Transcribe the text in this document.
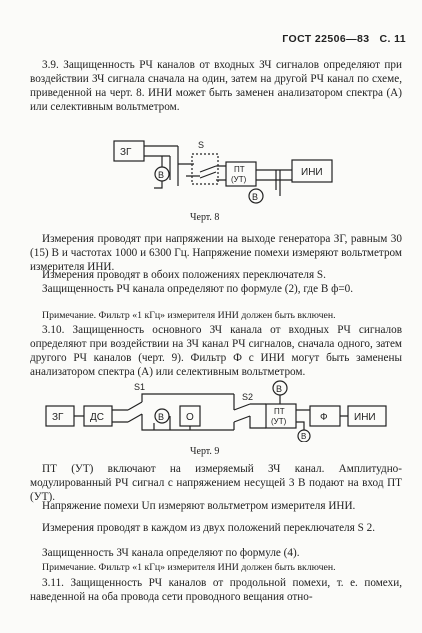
ГОСТ 22506—83 С. 11

3.9. Защищенность РЧ каналов от входных ЗЧ сигналов определяют при воздействии ЗЧ сигнала сначала на один, затем на другой РЧ канал по схеме, приведенной на черт. 8. ИНИ может быть заменен анализатором спектра (А) или селективным вольтметром.

ЗГ
В
В
S
ПТ
(УТ)
ИНИ
Черт. 8

Измерения проводят при напряжении на выходе генератора ЗГ, равным 30 (15) В и частотах 1000 и 6300 Гц. Напряжение помехи измеряют вольтметром измерителя ИНИ.

Измерения проводят в обоих положениях переключателя S.

Защищенность РЧ канала определяют по формуле (2), где B ф=0.

Примечание. Фильтр «1 кГц» измерителя ИНИ должен быть включен.

3.10. Защищенность основного ЗЧ канала от входных РЧ сигналов определяют при воздействии на ЗЧ канал РЧ сигналов, сначала одного, затем другого РЧ каналов (черт. 9). Фильтр Ф с ИНИ могут быть заменены анализатором спектра (А) или селективным вольтметром.

ЗГ	ДС
S1
S2
В
В
В
О
ПТ
(УТ)	Ф	ИНИ
Черт. 9

ПТ (УТ) включают на измеряемый ЗЧ канал. Амплитудно-модулированный РЧ сигнал с напряжением несущей 3 В подают на вход ПТ (УТ).

Напряжение помехи Uп измеряют вольтметром измерителя ИНИ.

Измерения проводят в каждом из двух положений переключателя S 2.

Защищенность ЗЧ канала определяют по формуле (4).

Примечание. Фильтр «1 кГц» измерителя ИНИ должен быть включен.

3.11. Защищенность РЧ каналов от продольной помехи, т. е. помехи, наведенной на оба провода сети проводного вещания отно-
